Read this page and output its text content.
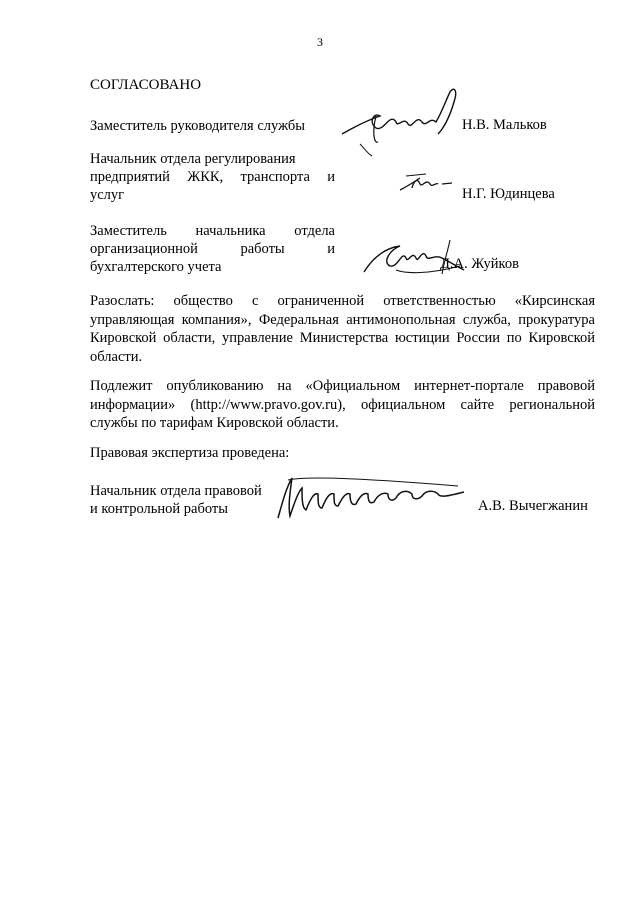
3
СОГЛАСОВАНО
Заместитель руководителя службы	Н.В. Мальков
Начальник отдела регулирования
предприятий ЖКК, транспорта и
услуг	Н.Г. Юдинцева
Заместитель начальника отдела
организационной работы и
бухгалтерского учета	Д.А. Жуйков
Разослать: общество с ограниченной ответственностью «Кирсинская управляющая компания», Федеральная антимонопольная служба, прокуратура Кировской области, управление Министерства юстиции России по Кировской области.
Подлежит опубликованию на «Официальном интернет-портале правовой информации» (http://www.pravo.gov.ru), официальном сайте региональной службы по тарифам Кировской области.
Правовая экспертиза проведена:
Начальник отдела правовой
и контрольной работы	А.В. Вычегжанин
